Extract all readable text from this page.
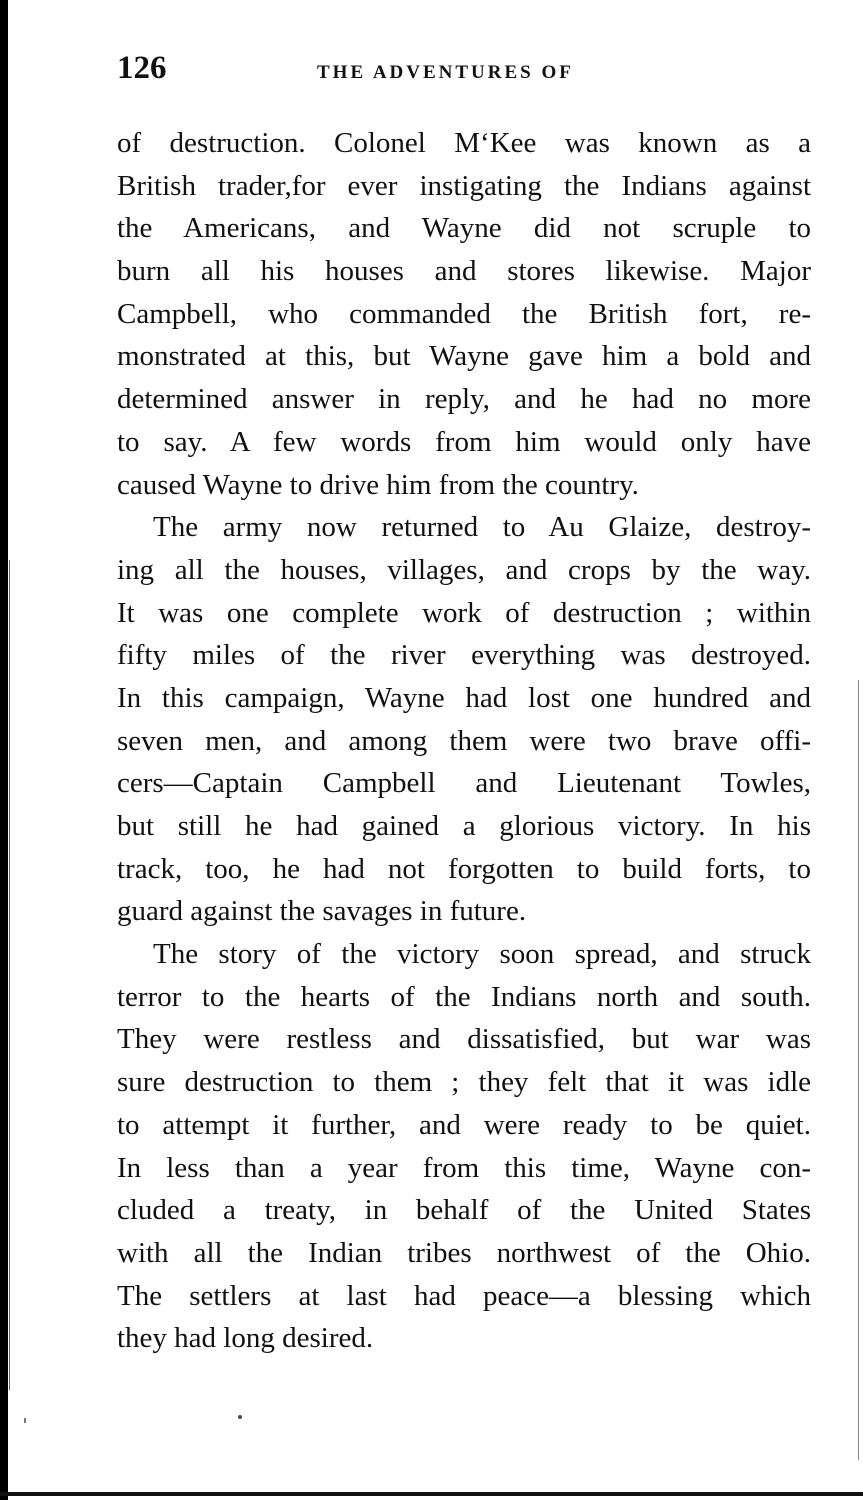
126	THE ADVENTURES OF
of destruction. Colonel M‘Kee was known as a
British trader,for ever instigating the Indians against
the Americans, and Wayne did not scruple to
burn all his houses and stores likewise. Major
Campbell, who commanded the British fort, re-
monstrated at this, but Wayne gave him a bold and
determined answer in reply, and he had no more
to say. A few words from him would only have
caused Wayne to drive him from the country.
The army now returned to Au Glaize, destroy-
ing all the houses, villages, and crops by the way.
It was one complete work of destruction ; within
fifty miles of the river everything was destroyed.
In this campaign, Wayne had lost one hundred and
seven men, and among them were two brave offi-
cers—Captain Campbell and Lieutenant Towles,
but still he had gained a glorious victory. In his
track, too, he had not forgotten to build forts, to
guard against the savages in future.
The story of the victory soon spread, and struck
terror to the hearts of the Indians north and south.
They were restless and dissatisfied, but war was
sure destruction to them ; they felt that it was idle
to attempt it further, and were ready to be quiet.
In less than a year from this time, Wayne con-
cluded a treaty, in behalf of the United States
with all the Indian tribes northwest of the Ohio.
The settlers at last had peace—a blessing which
they had long desired.
